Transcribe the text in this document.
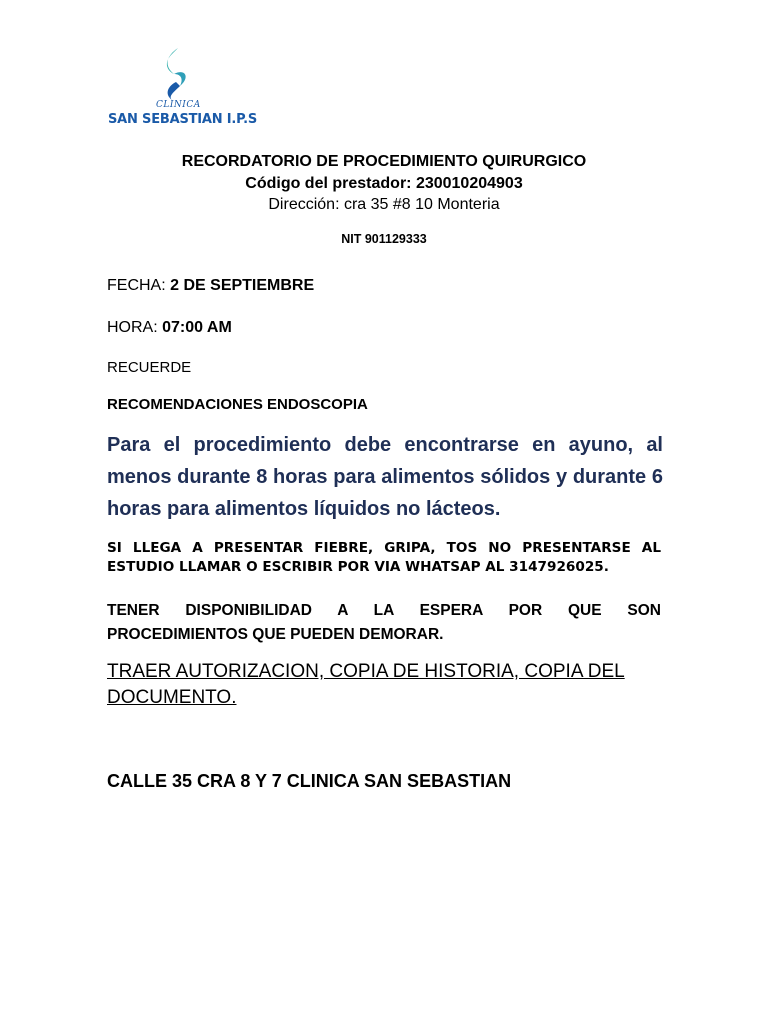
CLINICA
SAN SEBASTIAN I.P.S
RECORDATORIO DE PROCEDIMIENTO QUIRURGICO
Código del prestador: 230010204903
Dirección: cra 35 #8 10 Monteria
NIT 901129333
FECHA: 2 DE SEPTIEMBRE
HORA: 07:00 AM
RECUERDE
RECOMENDACIONES ENDOSCOPIA

Para el procedimiento debe encontrarse en ayuno, al menos durante 8 horas para alimentos sólidos y durante 6 horas para alimentos líquidos no lácteos.

SI LLEGA A PRESENTAR FIEBRE, GRIPA, TOS NO PRESENTARSE AL ESTUDIO LLAMAR O ESCRIBIR POR VIA WHATSAP AL 3147926025.
TENER DISPONIBILIDAD A LA ESPERA POR QUE SON
PROCEDIMIENTOS QUE PUEDEN DEMORAR.
TRAER AUTORIZACION, COPIA DE HISTORIA, COPIA DEL DOCUMENTO.
CALLE 35 CRA 8 Y 7 CLINICA SAN SEBASTIAN
